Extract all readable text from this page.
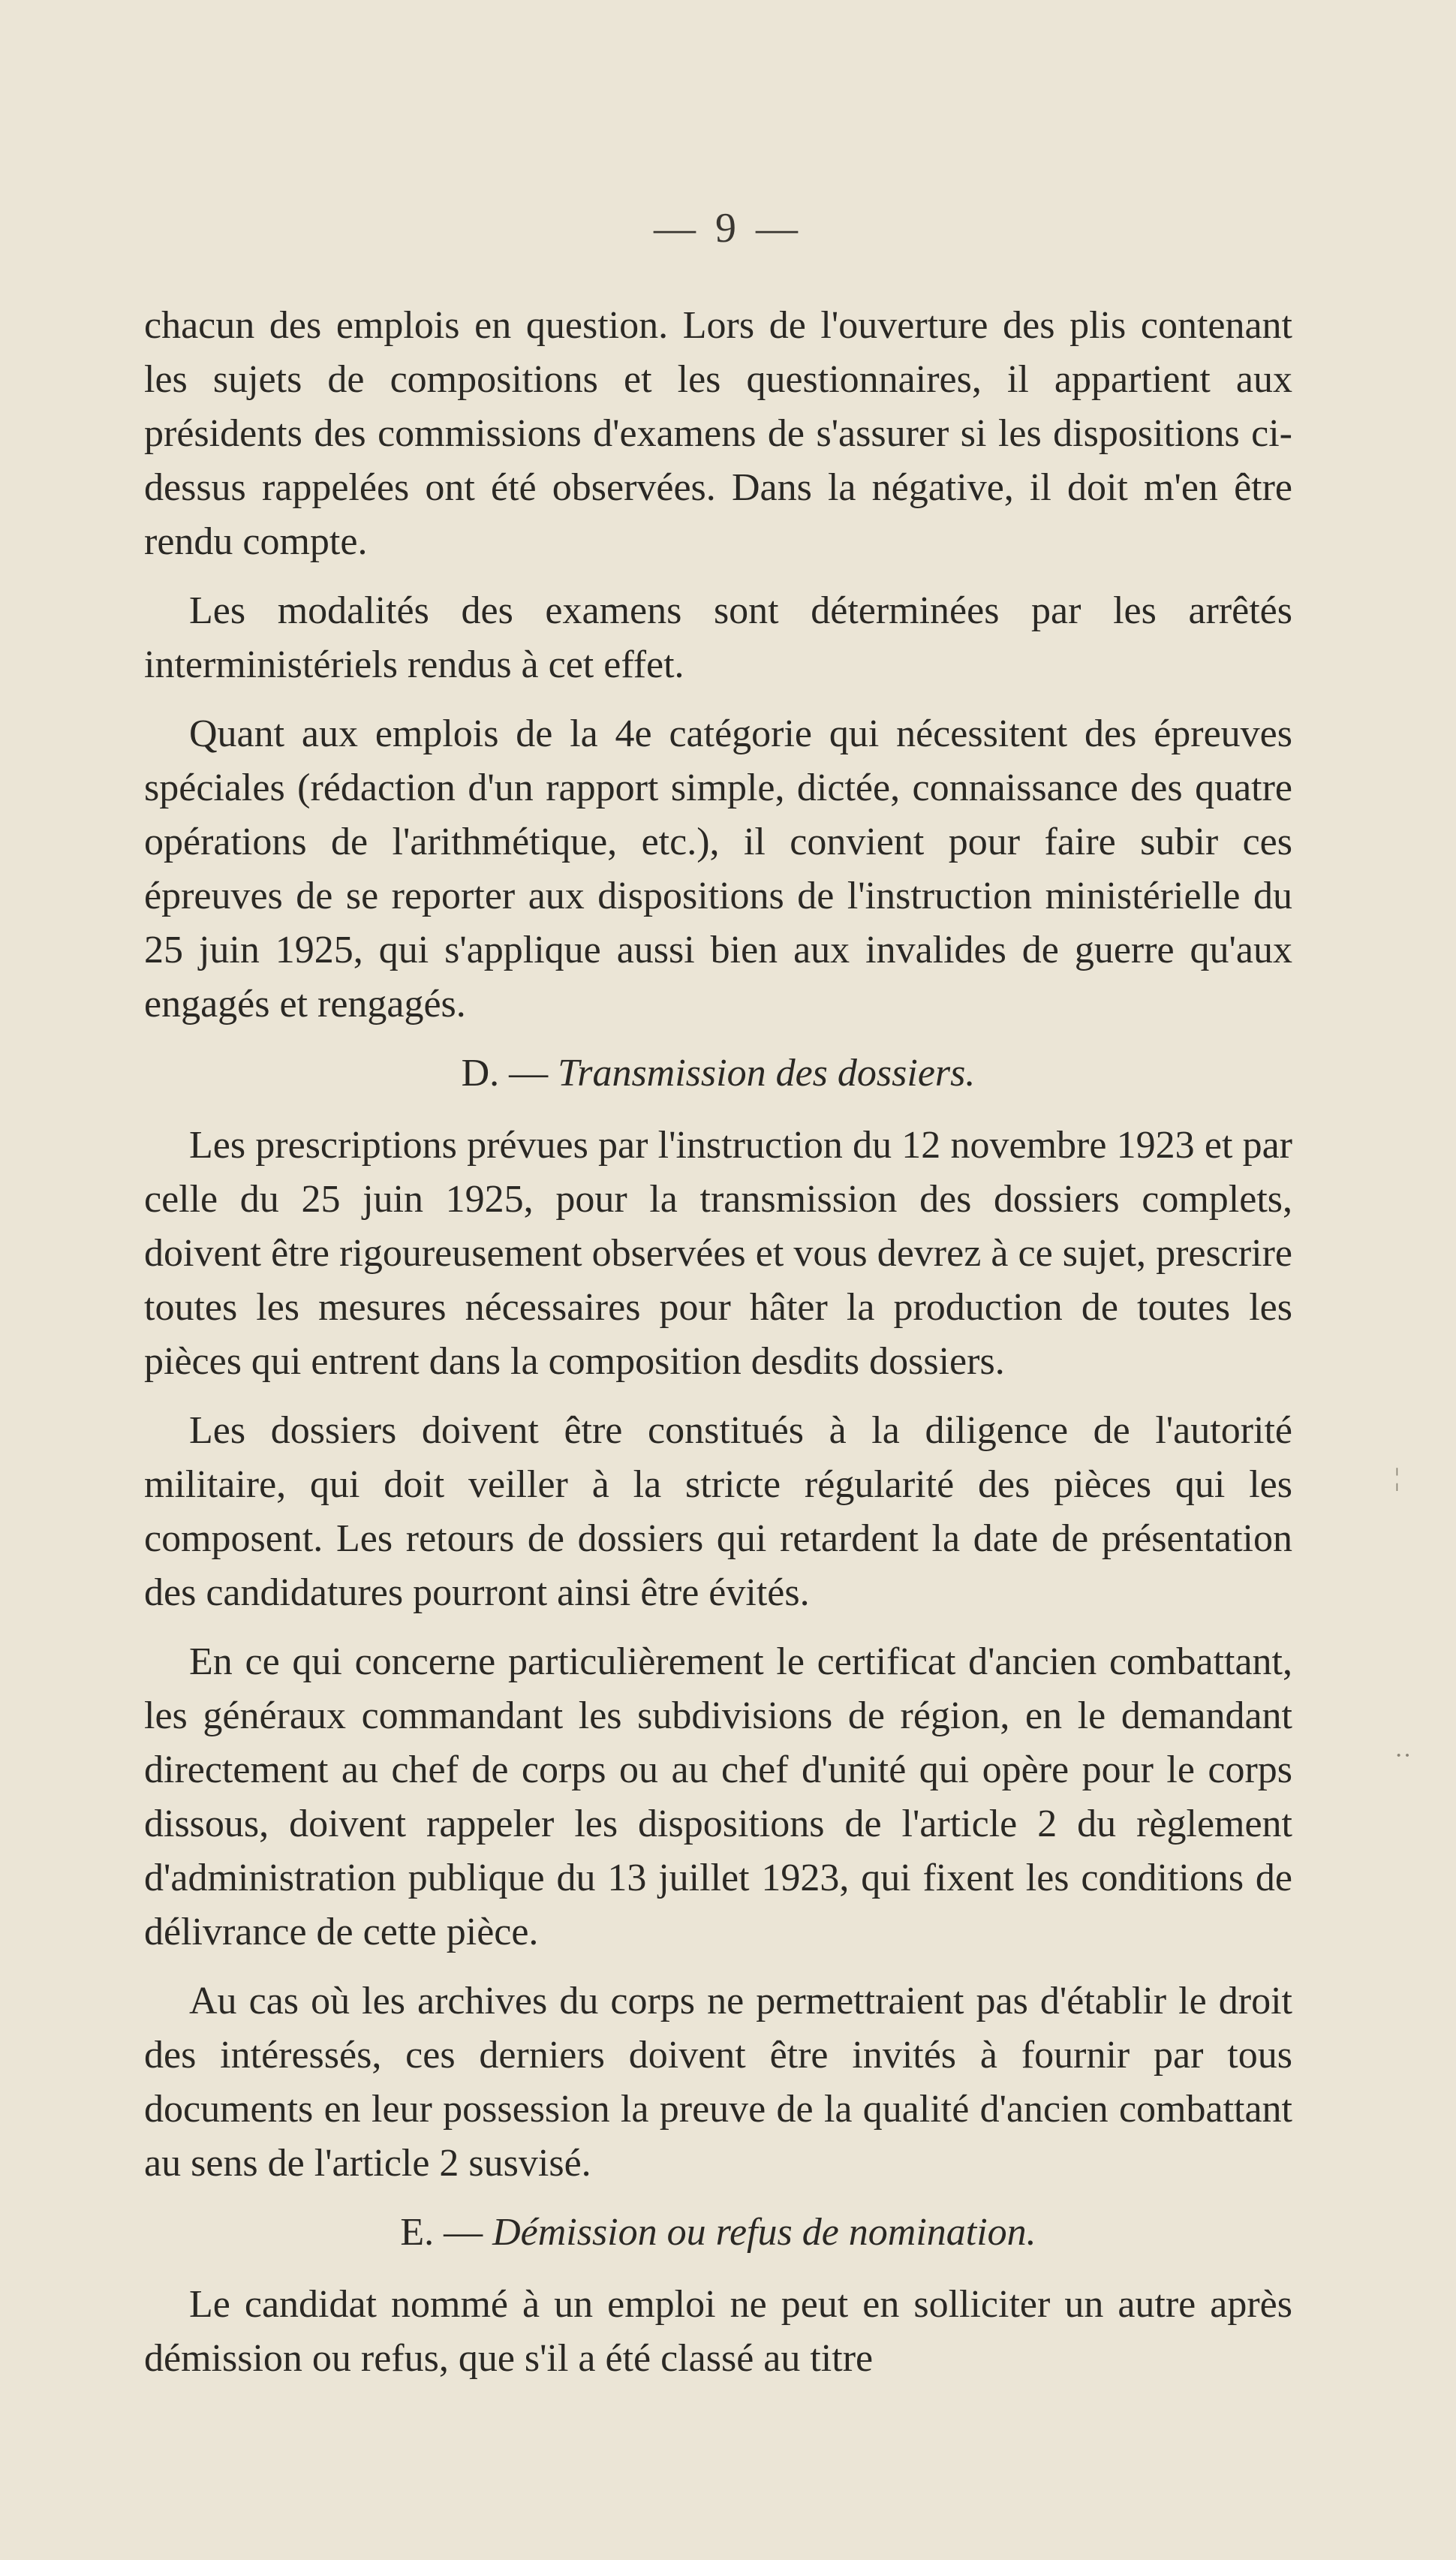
— 9 —

chacun des emplois en question. Lors de l'ouverture des plis contenant les sujets de compositions et les questionnaires, il appartient aux présidents des commissions d'examens de s'assurer si les dispositions ci-dessus rappelées ont été observées. Dans la négative, il doit m'en être rendu compte.

Les modalités des examens sont déterminées par les arrêtés interministériels rendus à cet effet.

Quant aux emplois de la 4e catégorie qui nécessitent des épreuves spéciales (rédaction d'un rapport simple, dictée, connaissance des quatre opérations de l'arithmétique, etc.), il convient pour faire subir ces épreuves de se reporter aux dispositions de l'instruction ministérielle du 25 juin 1925, qui s'applique aussi bien aux invalides de guerre qu'aux engagés et rengagés.

D. — Transmission des dossiers.

Les prescriptions prévues par l'instruction du 12 novembre 1923 et par celle du 25 juin 1925, pour la transmission des dossiers complets, doivent être rigoureusement observées et vous devrez à ce sujet, prescrire toutes les mesures nécessaires pour hâter la production de toutes les pièces qui entrent dans la composition desdits dossiers.

Les dossiers doivent être constitués à la diligence de l'autorité militaire, qui doit veiller à la stricte régularité des pièces qui les composent. Les retours de dossiers qui retardent la date de présentation des candidatures pourront ainsi être évités.

En ce qui concerne particulièrement le certificat d'ancien combattant, les généraux commandant les subdivisions de région, en le demandant directement au chef de corps ou au chef d'unité qui opère pour le corps dissous, doivent rappeler les dispositions de l'article 2 du règlement d'administration publique du 13 juillet 1923, qui fixent les conditions de délivrance de cette pièce.

Au cas où les archives du corps ne permettraient pas d'établir le droit des intéressés, ces derniers doivent être invités à fournir par tous documents en leur possession la preuve de la qualité d'ancien combattant au sens de l'article 2 susvisé.

E. — Démission ou refus de nomination.

Le candidat nommé à un emploi ne peut en solliciter un autre après démission ou refus, que s'il a été classé au titre

¦
··
